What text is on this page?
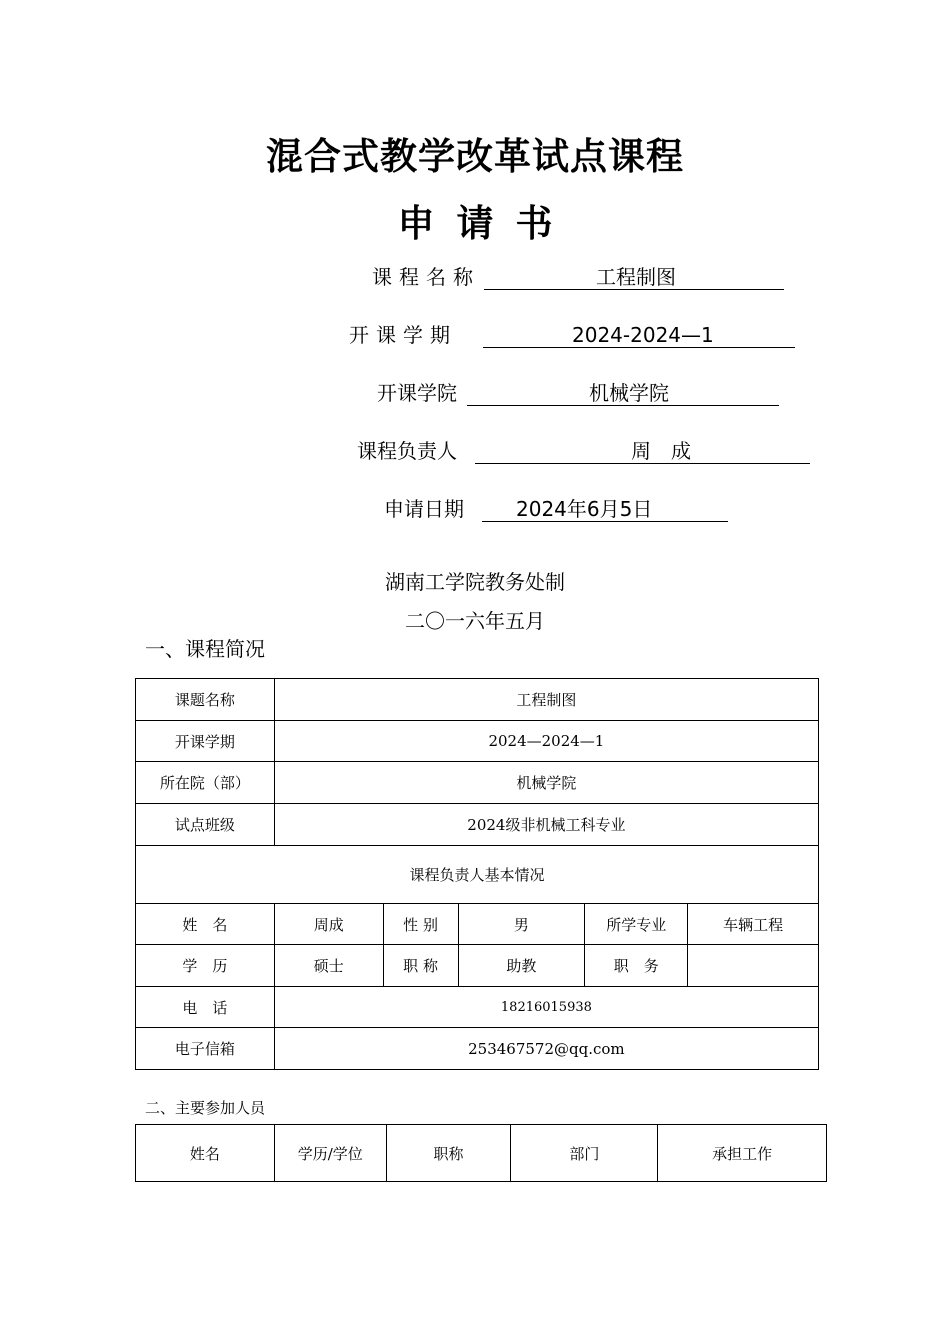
混合式教学改革试点课程
申请书
课程名称	工程制图
开课学期	2024-2024—1
开课学院	机械学院
课程负责人	周　成
申请日期	2024年6月5日
湖南工学院教务处制
二〇一六年五月
一、课程简况
课题名称	工程制图				
开课学期	2024—2024—1				
所在院（部）	机械学院				
试点班级	2024级非机械工科专业				
课程负责人基本情况					
姓　名	周成	性 别	男	所学专业	车辆工程
学　历	硕士	职 称	助教	职　务	
电　话	18216015938				
电子信箱	253467572@qq.com				
二、主要参加人员
姓名	学历/学位	职称	部门	承担工作
